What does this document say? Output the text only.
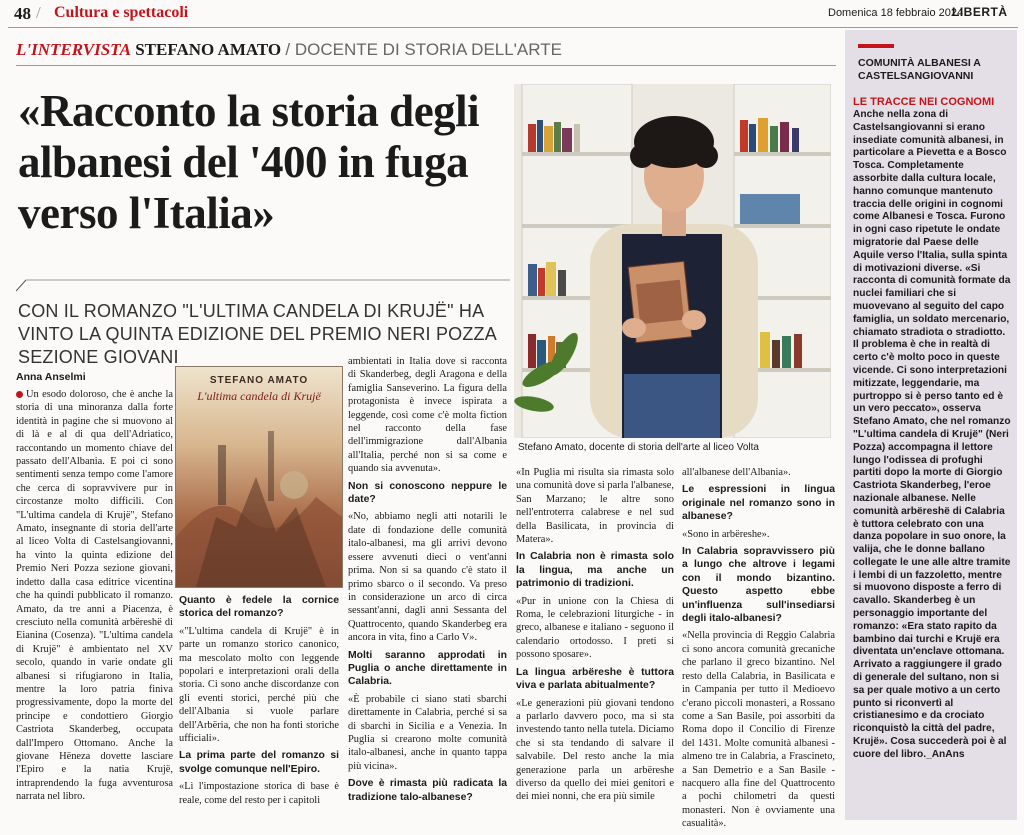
48 / Cultura e spettacoli	Domenica 18 febbraio 2024
LIBERTÀ
L'INTERVISTA STEFANO AMATO / DOCENTE DI STORIA DELL'ARTE
«Racconto la storia degli albanesi del '400 in fuga verso l'Italia»
CON IL ROMANZO "L'ULTIMA CANDELA DI KRUJË" HA VINTO LA QUINTA EDIZIONE DEL PREMIO NERI POZZA SEZIONE GIOVANI
Anna Anselmi

Un esodo doloroso, che è anche la storia di una minoranza dalla forte identità in pagine che si muovono al di là e al di qua dell'Adriatico, raccontando un momento chiave del passato dell'Albania. E poi ci sono sentimenti senza tempo come l'amore che cerca di sopravvivere pur in circostanze molto difficili. Con "L'ultima candela di Krujë", Stefano Amato, insegnante di storia dell'arte al liceo Volta di Castelsangiovanni, ha vinto la quinta edizione del Premio Neri Pozza sezione giovani, indetto dalla casa editrice vicentina che ha quindi pubblicato il romanzo. Amato, da tre anni a Piacenza, è cresciuto nella comunità arbëreshë di Eianina (Cosenza). "L'ultima candela di Krujë" è ambientato nel XV secolo, quando in varie ondate gli albanesi si rifugiarono in Italia, mentre la loro patria finiva progressivamente, dopo la morte del principe e condottiero Giorgio Castriota Skanderbeg, occupata dall'Impero Ottomano. Anche la giovane Hëneza dovette lasciare l'Epiro e la natia Krujë, intraprendendo la fuga avventurosa narrata nel libro.

STEFANO AMATO
L'ultima candela di Krujë

Quanto è fedele la cornice storica del romanzo?

«"L'ultima candela di Krujë" è in parte un romanzo storico canonico, ma mescolato molto con leggende popolari e interpretazioni orali della storia. Ci sono anche discordanze con gli eventi storici, perché più che dell'Albania si vuole parlare dell'Arbëria, che non ha fonti storiche ufficiali».

La prima parte del romanzo si svolge comunque nell'Epiro.

«Lì l'impostazione storica di base è reale, come del resto per i capitoli

ambientati in Italia dove si racconta di Skanderbeg, degli Aragona e della famiglia Sanseverino. La figura della protagonista è invece ispirata a leggende, così come c'è molta fiction nel racconto della fase dell'immigrazione dall'Albania all'Italia, perché non si sa come e quando sia avvenuta».

Non si conoscono neppure le date?

«No, abbiamo negli atti notarili le date di fondazione delle comunità italo-albanesi, ma gli arrivi devono essere avvenuti dieci o vent'anni prima. Non si sa quando c'è stato il primo sbarco o il secondo. Va preso in considerazione un arco di circa sessant'anni, dagli anni Sessanta del Quattrocento, quando Skanderbeg era ancora in vita, fino a Carlo V».

Molti saranno approdati in Puglia o anche direttamente in Calabria.

«È probabile ci siano stati sbarchi direttamente in Calabria, perché si sa di sbarchi in Sicilia e a Venezia. In Puglia si crearono molte comunità italo-albanesi, anche in quanto tappa più vicina».

Dove è rimasta più radicata la tradizione talo-albanese?

Stefano Amato, docente di storia dell'arte al liceo Volta

«In Puglia mi risulta sia rimasta solo una comunità dove si parla l'albanese, San Marzano; le altre sono nell'entroterra calabrese e nel sud della Basilicata, in provincia di Matera».

In Calabria non è rimasta solo la lingua, ma anche un patrimonio di tradizioni.

«Pur in unione con la Chiesa di Roma, le celebrazioni liturgiche - in greco, albanese e italiano - seguono il calendario ortodosso. I preti si possono sposare».

La lingua arbëreshe è tuttora viva e parlata abitualmente?

«Le generazioni più giovani tendono a parlarlo davvero poco, ma si sta investendo tanto nella tutela. Diciamo che si sta tendando di salvare il salvabile. Del resto anche la mia generazione parla un arbëreshe diverso da quello dei miei genitori e dei miei nonni, che era più simile

all'albanese dell'Albania».

Le espressioni in lingua originale nel romanzo sono in albanese?

«Sono in arbëreshe».

In Calabria sopravvissero più a lungo che altrove i legami con il mondo bizantino. Questo aspetto ebbe un'influenza sull'insediarsi degli italo-albanesi?

«Nella provincia di Reggio Calabria ci sono ancora comunità grecaniche che parlano il greco bizantino. Nel resto della Calabria, in Basilicata e in Campania per tutto il Medioevo c'erano piccoli monasteri, a Rossano come a San Basile, poi assorbiti da Roma dopo il Concilio di Firenze del 1431. Molte comunità albanesi - almeno tre in Calabria, a Frascineto, a San Demetrio e a San Basile - nacquero alla fine del Quattrocento a pochi chilometri da questi monasteri. Non è ovviamente una casualità».

COMUNITÀ ALBANESI A CASTELSANGIOVANNI
LE TRACCE NEI COGNOMI
Anche nella zona di Castelsangiovanni si erano insediate comunità albanesi, in particolare a Pievetta e a Bosco Tosca. Completamente assorbite dalla cultura locale, hanno comunque mantenuto traccia delle origini in cognomi come Albanesi e Tosca. Furono in ogni caso ripetute le ondate migratorie dal Paese delle Aquile verso l'Italia, sulla spinta di motivazioni diverse. «Si racconta di comunità formate da nuclei familiari che si muovevano al seguito del capo famiglia, un soldato mercenario, chiamato stradiota o stradiotto. Il problema è che in realtà di certo c'è molto poco in queste vicende. Ci sono interpretazioni mitizzate, leggendarie, ma purtroppo si è perso tanto ed è un vero peccato», osserva Stefano Amato, che nel romanzo "L'ultima candela di Krujë" (Neri Pozza) accompagna il lettore lungo l'odissea di profughi partiti dopo la morte di Giorgio Castriota Skanderbeg, l'eroe nazionale albanese. Nelle comunità arbëreshë di Calabria è tuttora celebrato con una danza popolare in suo onore, la valija, che le donne ballano collegate le une alle altre tramite i lembi di un fazzoletto, mentre si muovono disposte a ferro di cavallo. Skanderbeg è un personaggio importante del romanzo: «Era stato rapito da bambino dai turchi e Krujë era diventata un'enclave ottomana. Arrivato a raggiungere il grado di generale del sultano, non si sa per quale motivo a un certo punto si riconvertì al cristianesimo e da crociato riconquistò la città del padre, Krujë». Cosa succederà poi è al cuore del libro._AnAns
